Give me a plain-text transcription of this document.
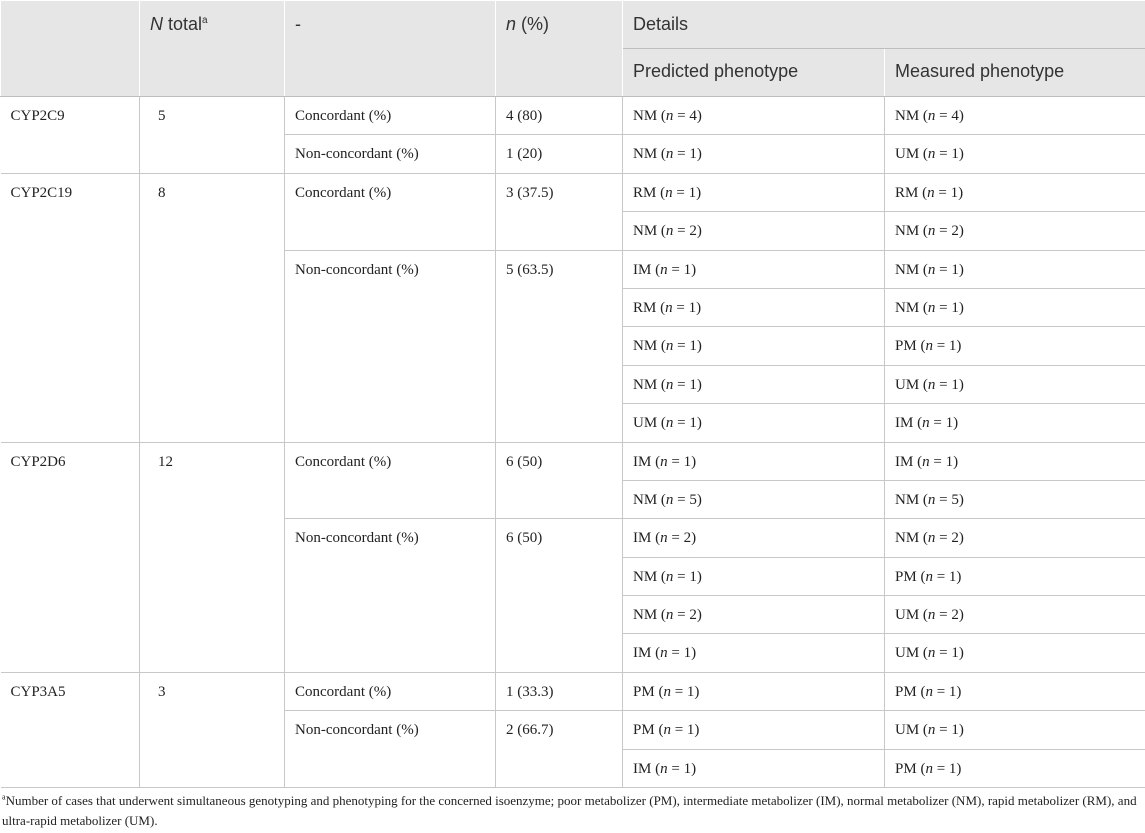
	N total$^a$	-	n (%)	Details	
				Predicted phenotype	Measured phenotype
CYP2C9	5	Concordant (%)	4 (80)	NM (n = 4)	NM (n = 4)
		Non-concordant (%)	1 (20)	NM (n = 1)	UM (n = 1)
CYP2C19	8	Concordant (%)	3 (37.5)	RM (n = 1)	RM (n = 1)
				NM (n = 2)	NM (n = 2)
		Non-concordant (%)	5 (63.5)	IM (n = 1)	NM (n = 1)
				RM (n = 1)	NM (n = 1)
				NM (n = 1)	PM (n = 1)
				NM (n = 1)	UM (n = 1)
				UM (n = 1)	IM (n = 1)
CYP2D6	12	Concordant (%)	6 (50)	IM (n = 1)	IM (n = 1)
				NM (n = 5)	NM (n = 5)
		Non-concordant (%)	6 (50)	IM (n = 2)	NM (n = 2)
				NM (n = 1)	PM (n = 1)
				NM (n = 2)	UM (n = 2)
				IM (n = 1)	UM (n = 1)
CYP3A5	3	Concordant (%)	1 (33.3)	PM (n = 1)	PM (n = 1)
		Non-concordant (%)	2 (66.7)	PM (n = 1)	UM (n = 1)
				IM (n = 1)	PM (n = 1)
$^a$Number of cases that underwent simultaneous genotyping and phenotyping for the concerned isoenzyme; poor metabolizer (PM), intermediate metabolizer (IM), normal metabolizer (NM), rapid metabolizer (RM), and ultra-rapid metabolizer (UM).
